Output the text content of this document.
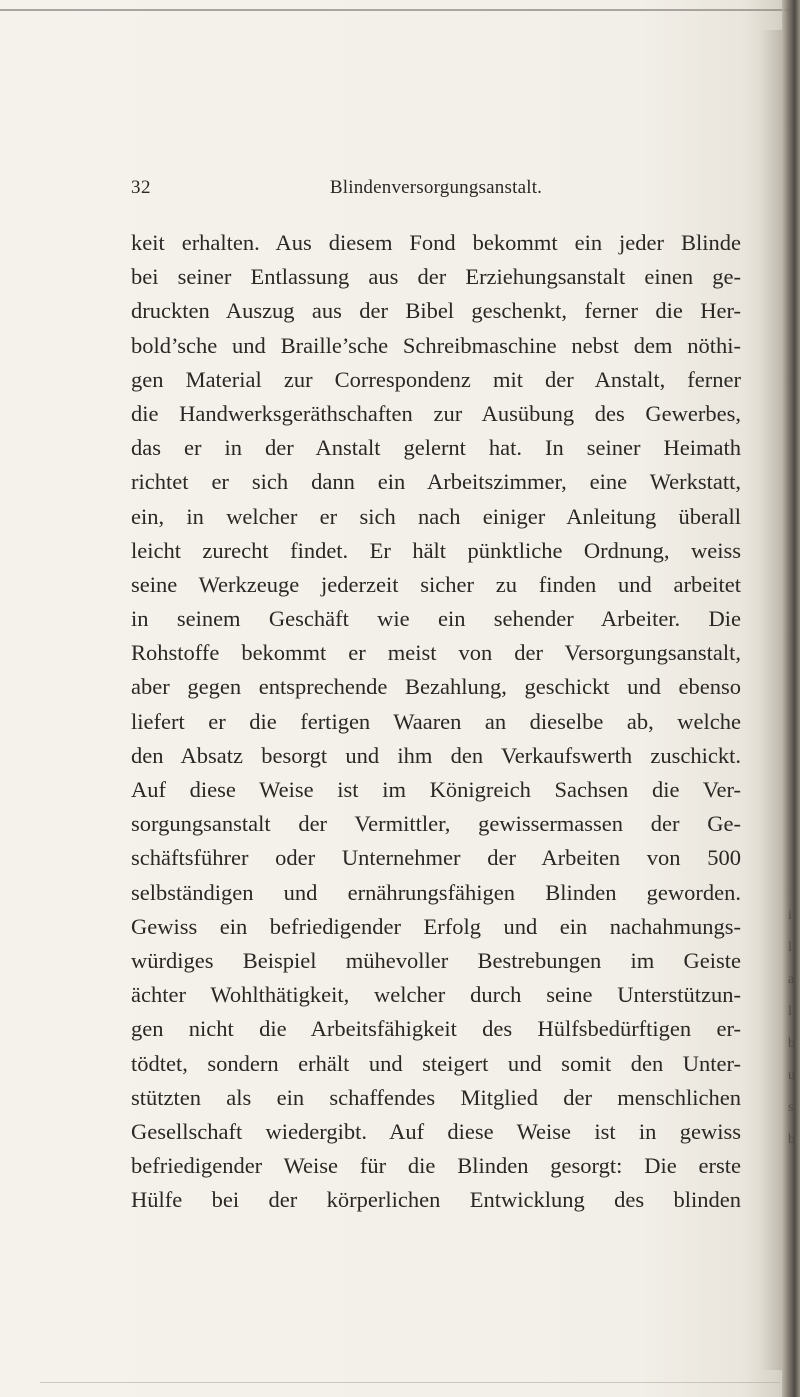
i
l
a
l
b
u
s
b
32	Blindenversorgungsanstalt.
keit erhalten. Aus diesem Fond bekommt ein jeder Blinde
bei seiner Entlassung aus der Erziehungsanstalt einen ge-
druckten Auszug aus der Bibel geschenkt, ferner die Her-
bold’sche und Braille’sche Schreibmaschine nebst dem nöthi-
gen Material zur Correspondenz mit der Anstalt, ferner
die Handwerksgeräthschaften zur Ausübung des Gewerbes,
das er in der Anstalt gelernt hat. In seiner Heimath
richtet er sich dann ein Arbeitszimmer, eine Werkstatt,
ein, in welcher er sich nach einiger Anleitung überall
leicht zurecht findet. Er hält pünktliche Ordnung, weiss
seine Werkzeuge jederzeit sicher zu finden und arbeitet
in seinem Geschäft wie ein sehender Arbeiter. Die
Rohstoffe bekommt er meist von der Versorgungsanstalt,
aber gegen entsprechende Bezahlung, geschickt und ebenso
liefert er die fertigen Waaren an dieselbe ab, welche
den Absatz besorgt und ihm den Verkaufswerth zuschickt.
Auf diese Weise ist im Königreich Sachsen die Ver-
sorgungsanstalt der Vermittler, gewissermassen der Ge-
schäftsführer oder Unternehmer der Arbeiten von 500
selbständigen und ernährungsfähigen Blinden geworden.
Gewiss ein befriedigender Erfolg und ein nachahmungs-
würdiges Beispiel mühevoller Bestrebungen im Geiste
ächter Wohlthätigkeit, welcher durch seine Unterstützun-
gen nicht die Arbeitsfähigkeit des Hülfsbedürftigen er-
tödtet, sondern erhält und steigert und somit den Unter-
stützten als ein schaffendes Mitglied der menschlichen
Gesellschaft wiedergibt. Auf diese Weise ist in gewiss
befriedigender Weise für die Blinden gesorgt: Die erste
Hülfe bei der körperlichen Entwicklung des blinden
